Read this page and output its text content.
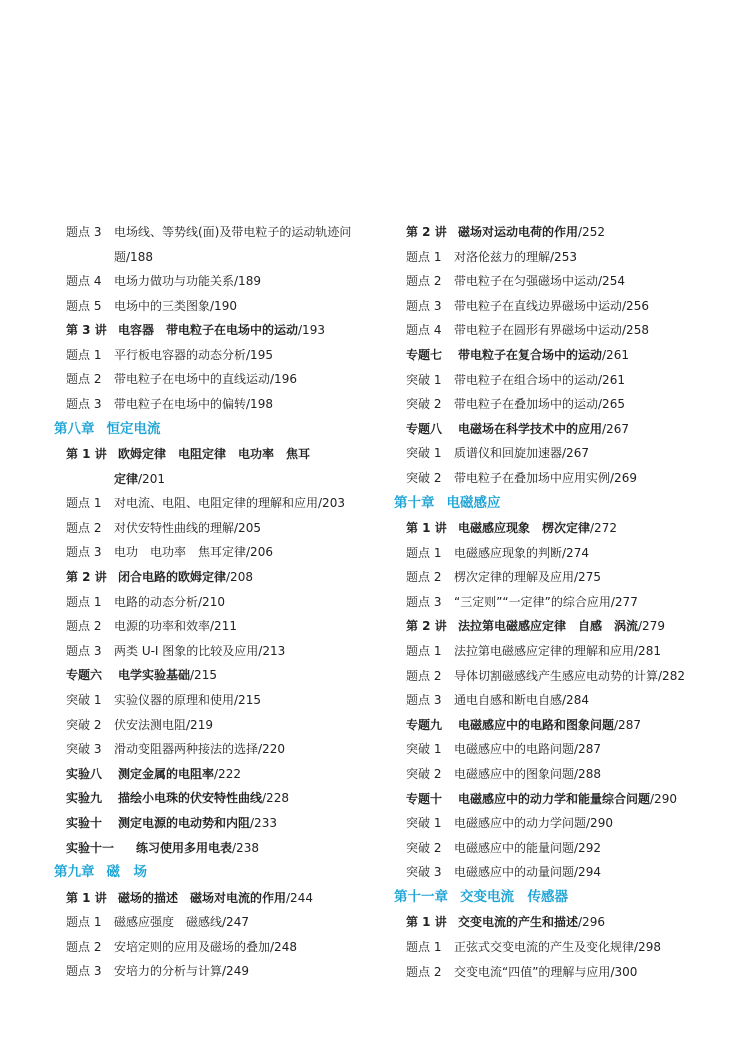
题点 3	电场线、等势线(面)及带电粒子的运动轨迹问题/188
题点 4 电场力做功与功能关系/189
题点 5 电场中的三类图象/190
第 3 讲 电容器　带电粒子在电场中的运动/193
题点 1 平行板电容器的动态分析/195
题点 2 带电粒子在电场中的直线运动/196
题点 3 带电粒子在电场中的偏转/198
第八章 恒定电流
第 1 讲 欧姆定律　电阻定律　电功率　焦耳
定律/201
题点 1 对电流、电阻、电阻定律的理解和应用/203
题点 2 对伏安特性曲线的理解/205
题点 3 电功　电功率　焦耳定律/206
第 2 讲 闭合电路的欧姆定律/208
题点 1 电路的动态分析/210
题点 2 电源的功率和效率/211
题点 3 两类 U-I 图象的比较及应用/213
专题六 电学实验基础/215
突破 1 实验仪器的原理和使用/215
突破 2 伏安法测电阻/219
突破 3 滑动变阻器两种接法的选择/220
实验八 测定金属的电阻率/222
实验九 描绘小电珠的伏安特性曲线/228
实验十 测定电源的电动势和内阻/233
实验十一 练习使用多用电表/238
第九章 磁　场
第 1 讲 磁场的描述　磁场对电流的作用/244
题点 1 磁感应强度　磁感线/247
题点 2 安培定则的应用及磁场的叠加/248
题点 3 安培力的分析与计算/249
第 2 讲 磁场对运动电荷的作用/252
题点 1 对洛伦兹力的理解/253
题点 2 带电粒子在匀强磁场中运动/254
题点 3 带电粒子在直线边界磁场中运动/256
题点 4 带电粒子在圆形有界磁场中运动/258
专题七 带电粒子在复合场中的运动/261
突破 1 带电粒子在组合场中的运动/261
突破 2 带电粒子在叠加场中的运动/265
专题八 电磁场在科学技术中的应用/267
突破 1 质谱仪和回旋加速器/267
突破 2 带电粒子在叠加场中应用实例/269
第十章 电磁感应
第 1 讲 电磁感应现象　楞次定律/272
题点 1 电磁感应现象的判断/274
题点 2 楞次定律的理解及应用/275
题点 3 “三定则”“一定律”的综合应用/277
第 2 讲 法拉第电磁感应定律　自感　涡流/279
题点 1 法拉第电磁感应定律的理解和应用/281
题点 2 导体切割磁感线产生感应电动势的计算/282
题点 3 通电自感和断电自感/284
专题九 电磁感应中的电路和图象问题/287
突破 1 电磁感应中的电路问题/287
突破 2 电磁感应中的图象问题/288
专题十 电磁感应中的动力学和能量综合问题/290
突破 1 电磁感应中的动力学问题/290
突破 2 电磁感应中的能量问题/292
突破 3 电磁感应中的动量问题/294
第十一章 交变电流　传感器
第 1 讲 交变电流的产生和描述/296
题点 1 正弦式交变电流的产生及变化规律/298
题点 2 交变电流“四值”的理解与应用/300
